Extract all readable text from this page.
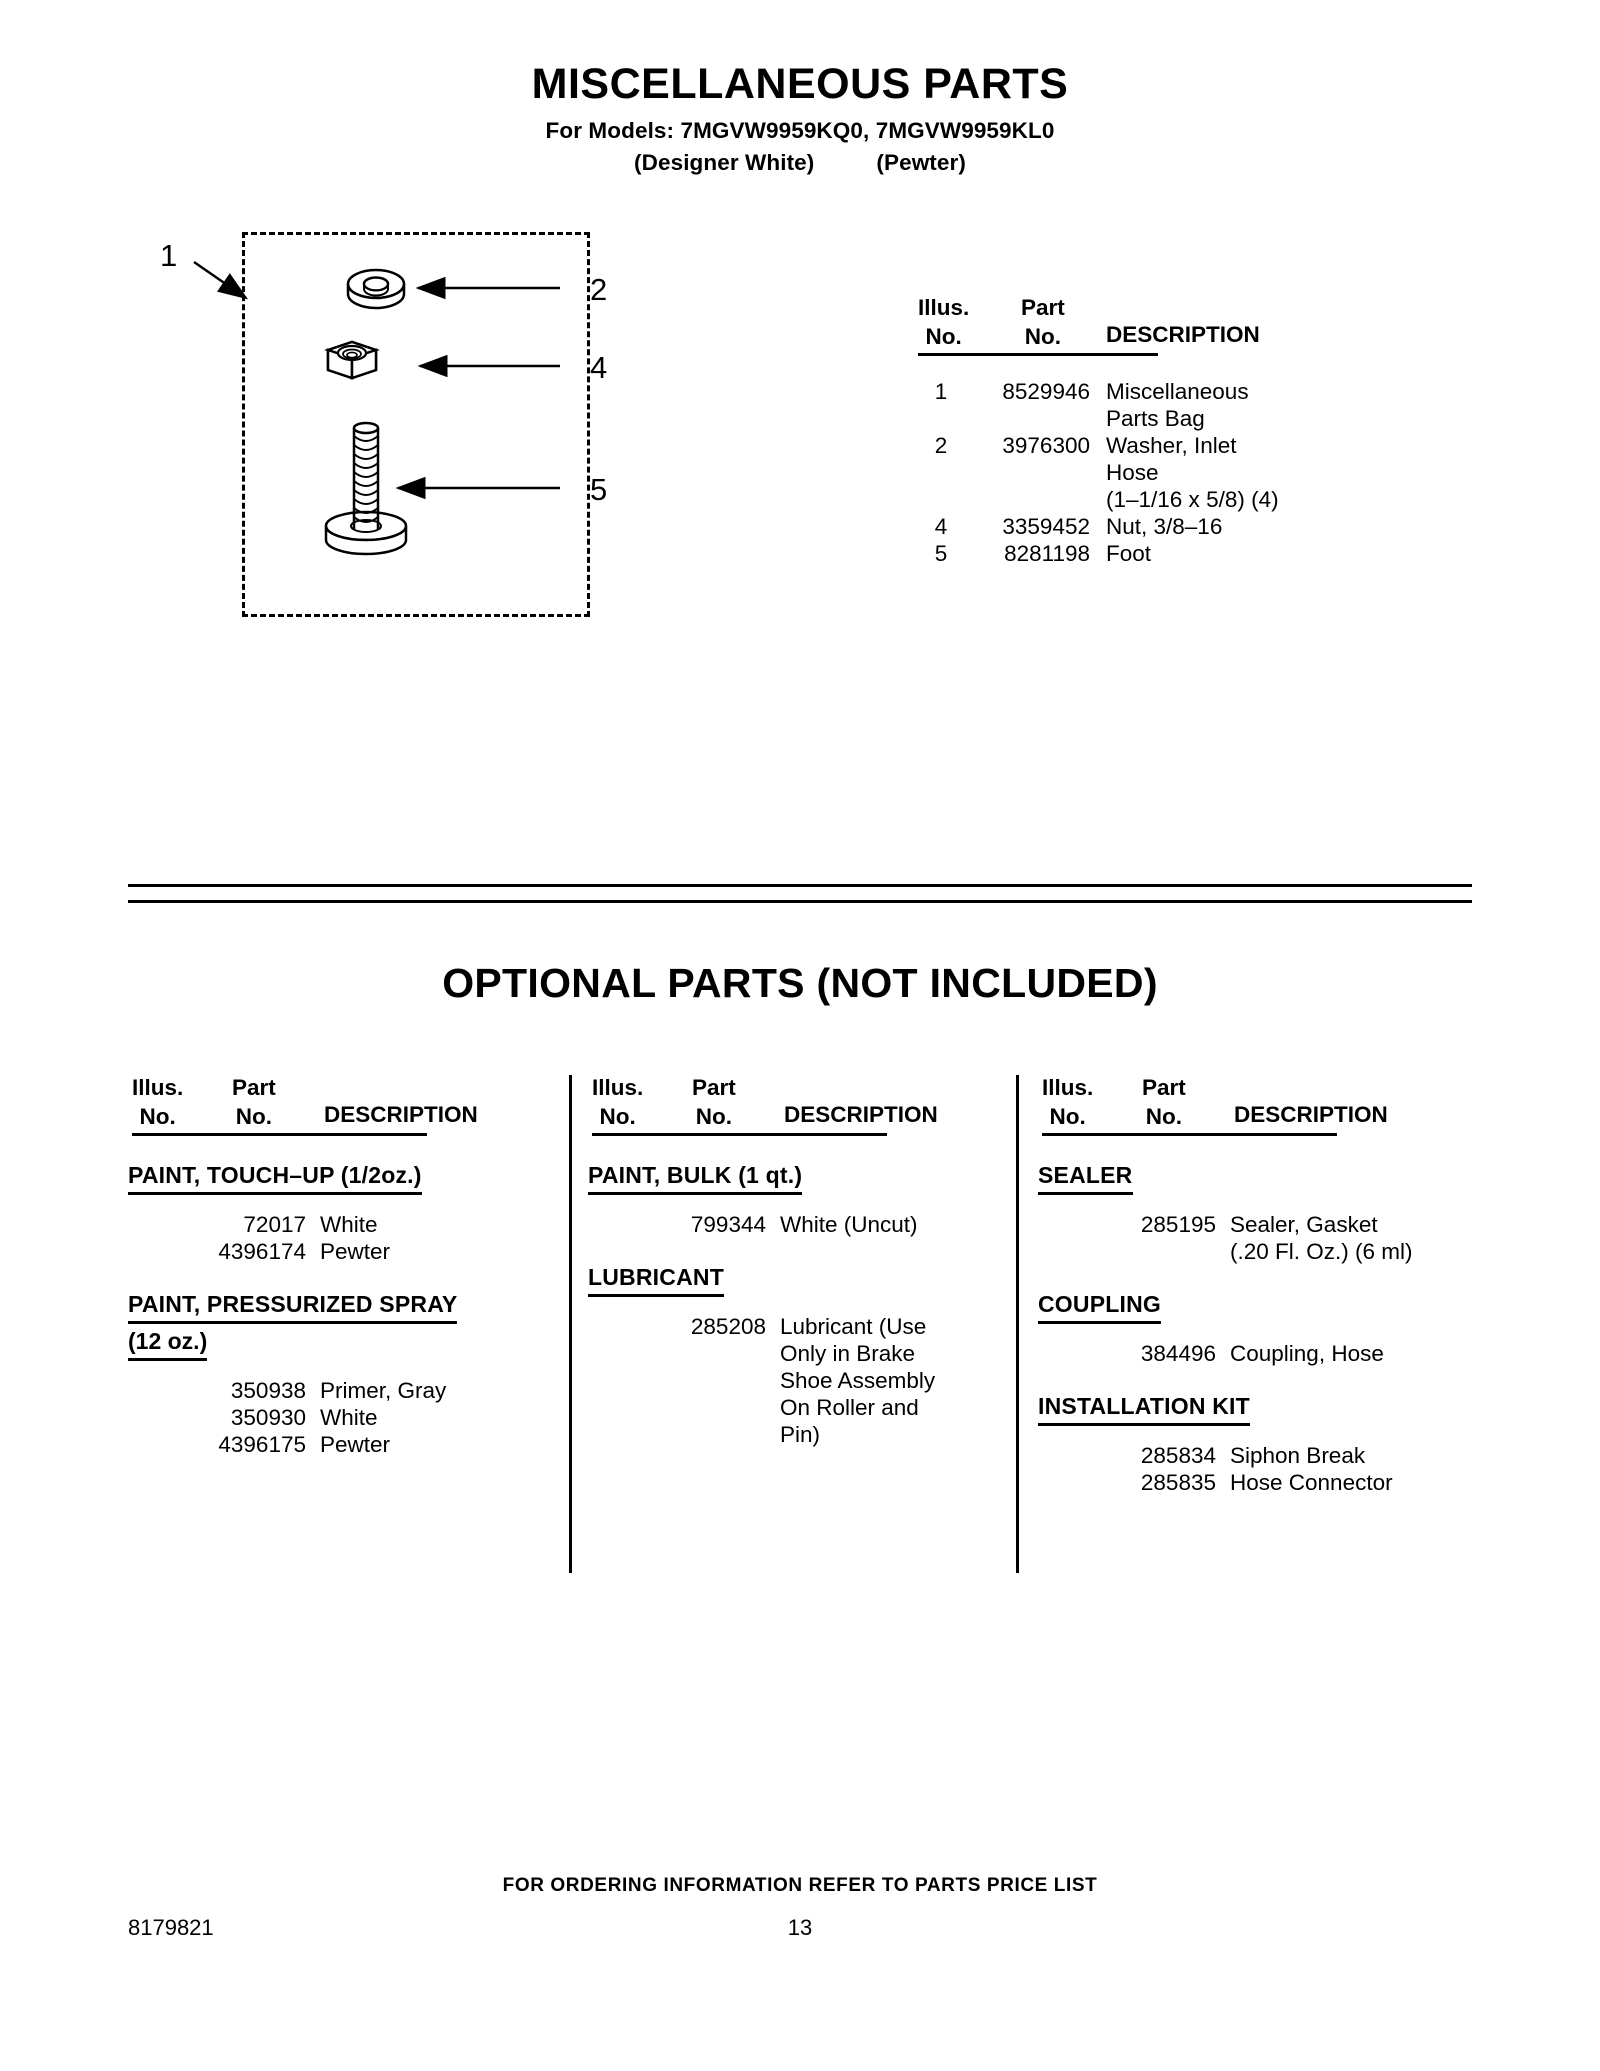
MISCELLANEOUS PARTS
For Models: 7MGVW9959KQ0, 7MGVW9959KL0
(Designer White)	(Pewter)
1
2
4
5
Illus.
No.
Part
No. DESCRIPTION
1	8529946 Miscellaneous
Parts Bag
2	3976300 Washer, Inlet
Hose
(1–1/16 x 5/8) (4)
4	3359452 Nut, 3/8–16
5	8281198 Foot
OPTIONAL PARTS (NOT INCLUDED)
Illus.
No.
Part
No. DESCRIPTION
PAINT, TOUCH–UP (1/2oz.)
72017 White
4396174 Pewter
PAINT, PRESSURIZED SPRAY
(12 oz.)
350938 Primer, Gray
350930 White
4396175 Pewter
Illus.
No.
Part
No. DESCRIPTION
PAINT, BULK (1 qt.)
799344 White (Uncut)
LUBRICANT
285208 Lubricant (Use
Only in Brake
Shoe Assembly
On Roller and
Pin)
Illus.
No.
Part
No. DESCRIPTION
SEALER
285195 Sealer, Gasket
(.20 Fl. Oz.) (6 ml)
COUPLING
384496 Coupling, Hose
INSTALLATION KIT
285834 Siphon Break
285835 Hose Connector
FOR ORDERING INFORMATION REFER TO PARTS PRICE LIST
8179821	13
